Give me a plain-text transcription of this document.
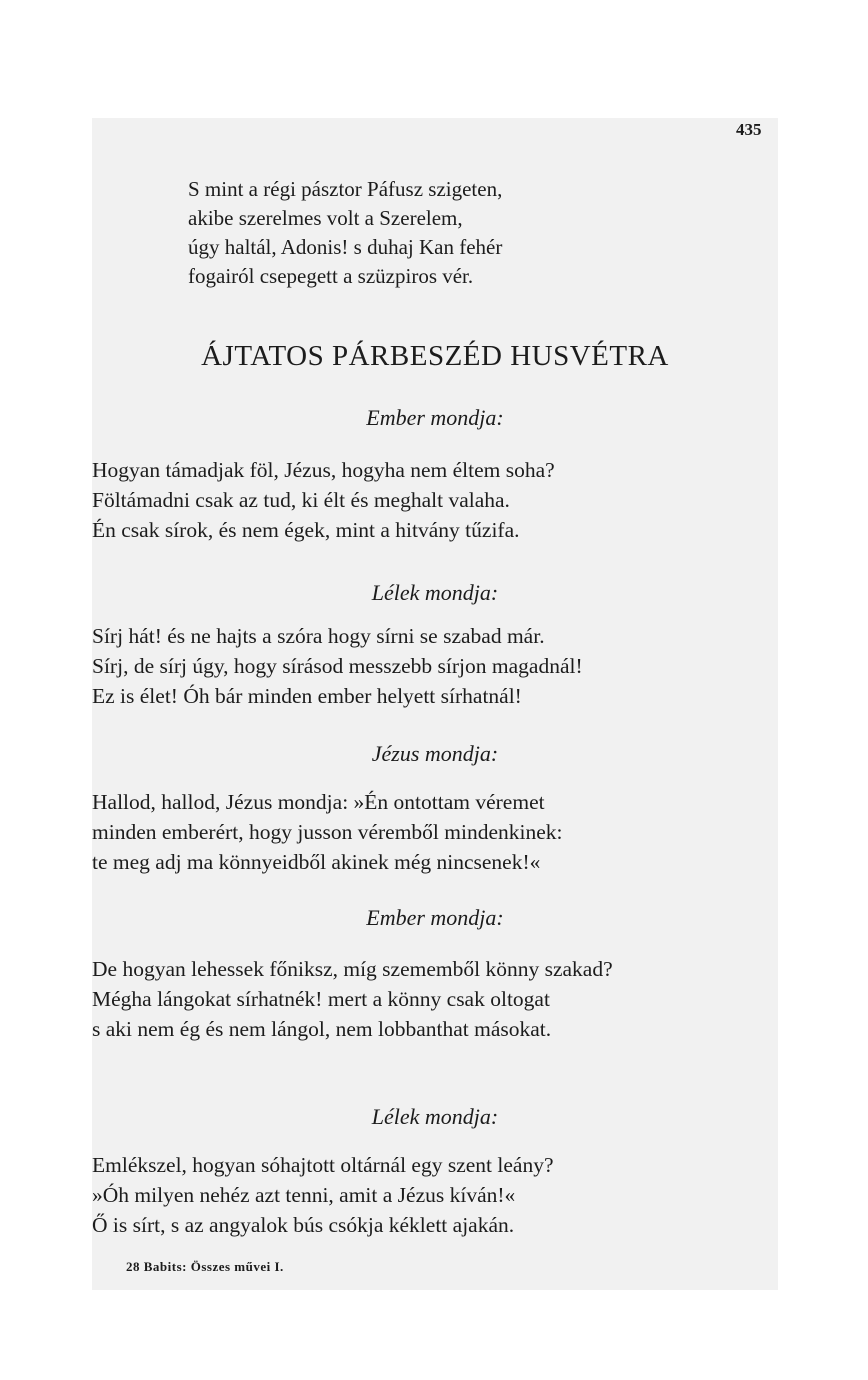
435
S mint a régi pásztor Páfusz szigeten,
akibe szerelmes volt a Szerelem,
úgy haltál, Adonis! s duhaj Kan fehér
fogairól csepegett a szüzpiros vér.
ÁJTATOS PÁRBESZÉD HUSVÉTRA
Ember mondja:
Hogyan támadjak föl, Jézus, hogyha nem éltem soha?
Föltámadni csak az tud, ki élt és meghalt valaha.
Én csak sírok, és nem égek, mint a hitvány tűzifa.
Lélek mondja:
Sírj hát! és ne hajts a szóra hogy sírni se szabad már.
Sírj, de sírj úgy, hogy sírásod messzebb sírjon magadnál!
Ez is élet! Óh bár minden ember helyett sírhatnál!
Jézus mondja:
Hallod, hallod, Jézus mondja: »Én ontottam véremet
minden emberért, hogy jusson véremből mindenkinek:
te meg adj ma könnyeidből akinek még nincsenek!«
Ember mondja:
De hogyan lehessek főniksz, míg szememből könny szakad?
Mégha lángokat sírhatnék! mert a könny csak oltogat
s aki nem ég és nem lángol, nem lobbanthat másokat.
Lélek mondja:
Emlékszel, hogyan sóhajtott oltárnál egy szent leány?
»Óh milyen nehéz azt tenni, amit a Jézus kíván!«
Ő is sírt, s az angyalok bús csókja kéklett ajakán.
28 Babits: Összes művei I.
